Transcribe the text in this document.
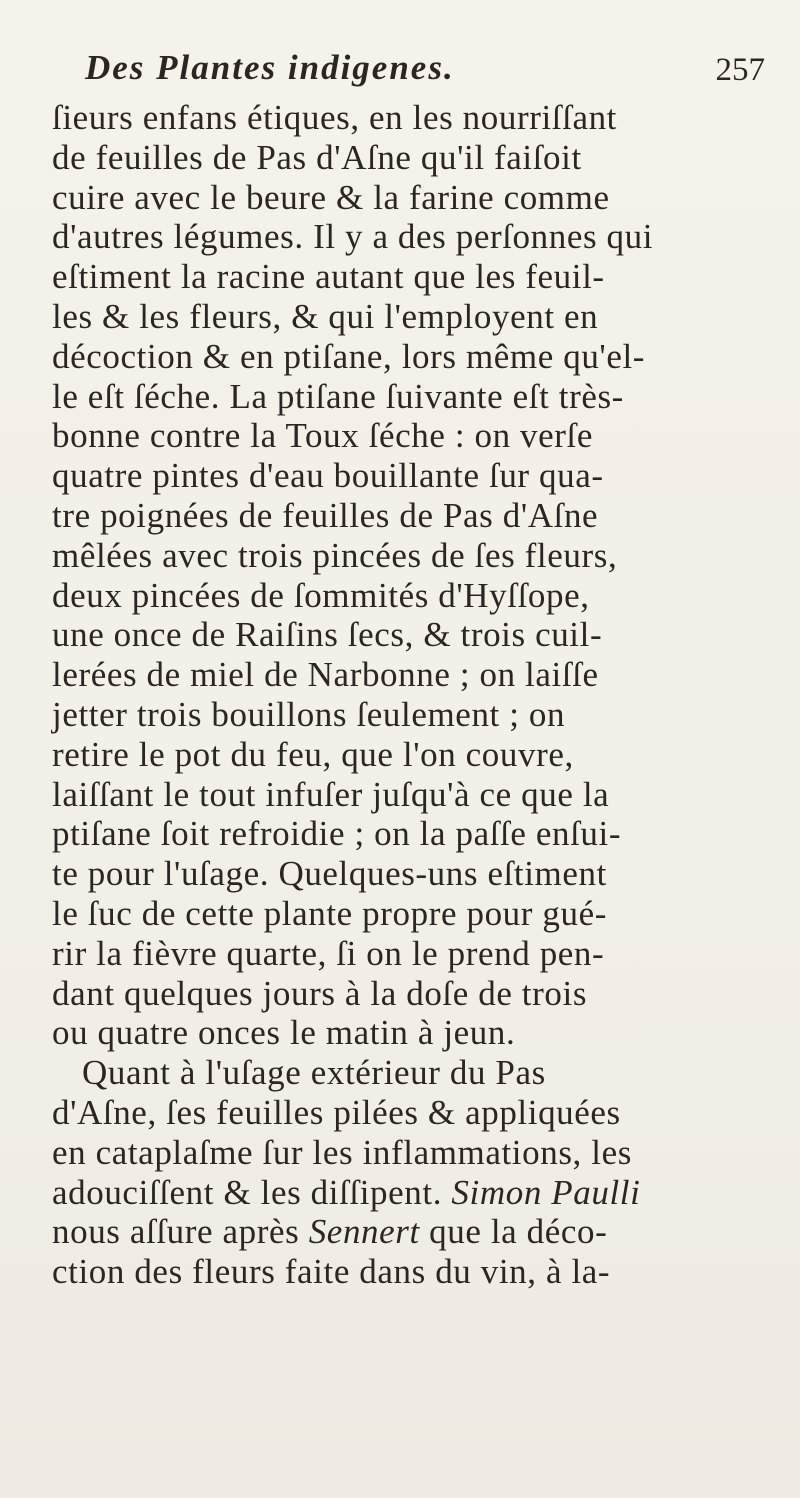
Des Plantes indigenes.	257
ſieurs enfans étiques, en les nourriſſant
de feuilles de Pas d'Aſne qu'il faiſoit
cuire avec le beure & la farine comme
d'autres légumes. Il y a des perſonnes qui
eſtiment la racine autant que les feuil-
les & les fleurs, & qui l'employent en
décoction & en ptiſane, lors même qu'el-
le eſt ſéche. La ptiſane ſuivante eſt très-
bonne contre la Toux ſéche : on verſe
quatre pintes d'eau bouillante ſur qua-
tre poignées de feuilles de Pas d'Aſne
mêlées avec trois pincées de ſes fleurs,
deux pincées de ſommités d'Hyſſope,
une once de Raiſins ſecs, & trois cuil-
lerées de miel de Narbonne ; on laiſſe
jetter trois bouillons ſeulement ; on
retire le pot du feu, que l'on couvre,
laiſſant le tout infuſer juſqu'à ce que la
ptiſane ſoit refroidie ; on la paſſe enſui-
te pour l'uſage. Quelques-uns eſtiment
le ſuc de cette plante propre pour gué-
rir la fièvre quarte, ſi on le prend pen-
dant quelques jours à la doſe de trois
ou quatre onces le matin à jeun.
Quant à l'uſage extérieur du Pas
d'Aſne, ſes feuilles pilées & appliquées
en cataplaſme ſur les inflammations, les
adouciſſent & les diſſipent. Simon Paulli
nous aſſure après Sennert que la déco-
ction des fleurs faite dans du vin, à la-
